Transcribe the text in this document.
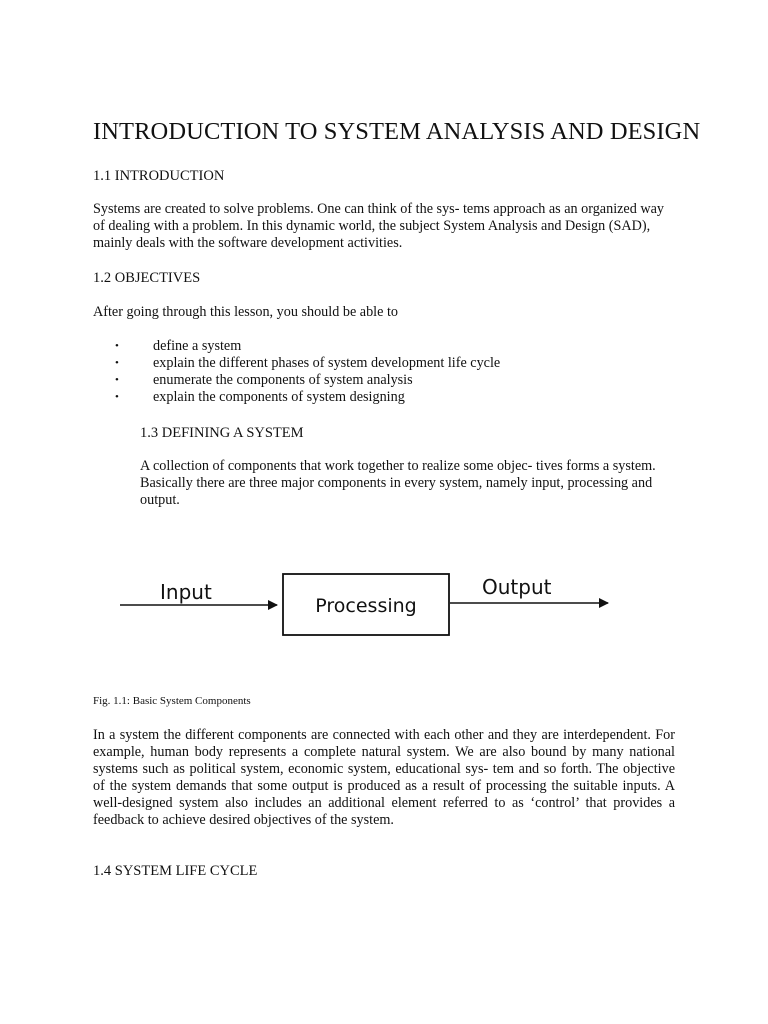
INTRODUCTION TO SYSTEM ANALYSIS AND DESIGN
1.1 INTRODUCTION

Systems are created to solve problems. One can think of the sys- tems approach as an organized way of dealing with a problem. In this dynamic world, the subject System Analysis and Design (SAD), mainly deals with the software development activities.

1.2 OBJECTIVES

After going through this lesson, you should be able to

• define a system
• explain the different phases of system development life cycle
• enumerate the components of system analysis
• explain the components of system designing
1.3 DEFINING A SYSTEM

A collection of components that work together to realize some objec- tives forms a system. Basically there are three major components in every system, namely input, processing and output.

Input
Processing
Output

Fig. 1.1: Basic System Components

In a system the different components are connected with each other and they are interdependent. For example, human body represents a complete natural system. We are also bound by many national systems such as political system, economic system, educational sys- tem and so forth. The objective of the system demands that some output is produced as a result of processing the suitable inputs. A well-designed system also includes an additional element referred to as ‘control’ that provides a feedback to achieve desired objectives of the system.

1.4 SYSTEM LIFE CYCLE
